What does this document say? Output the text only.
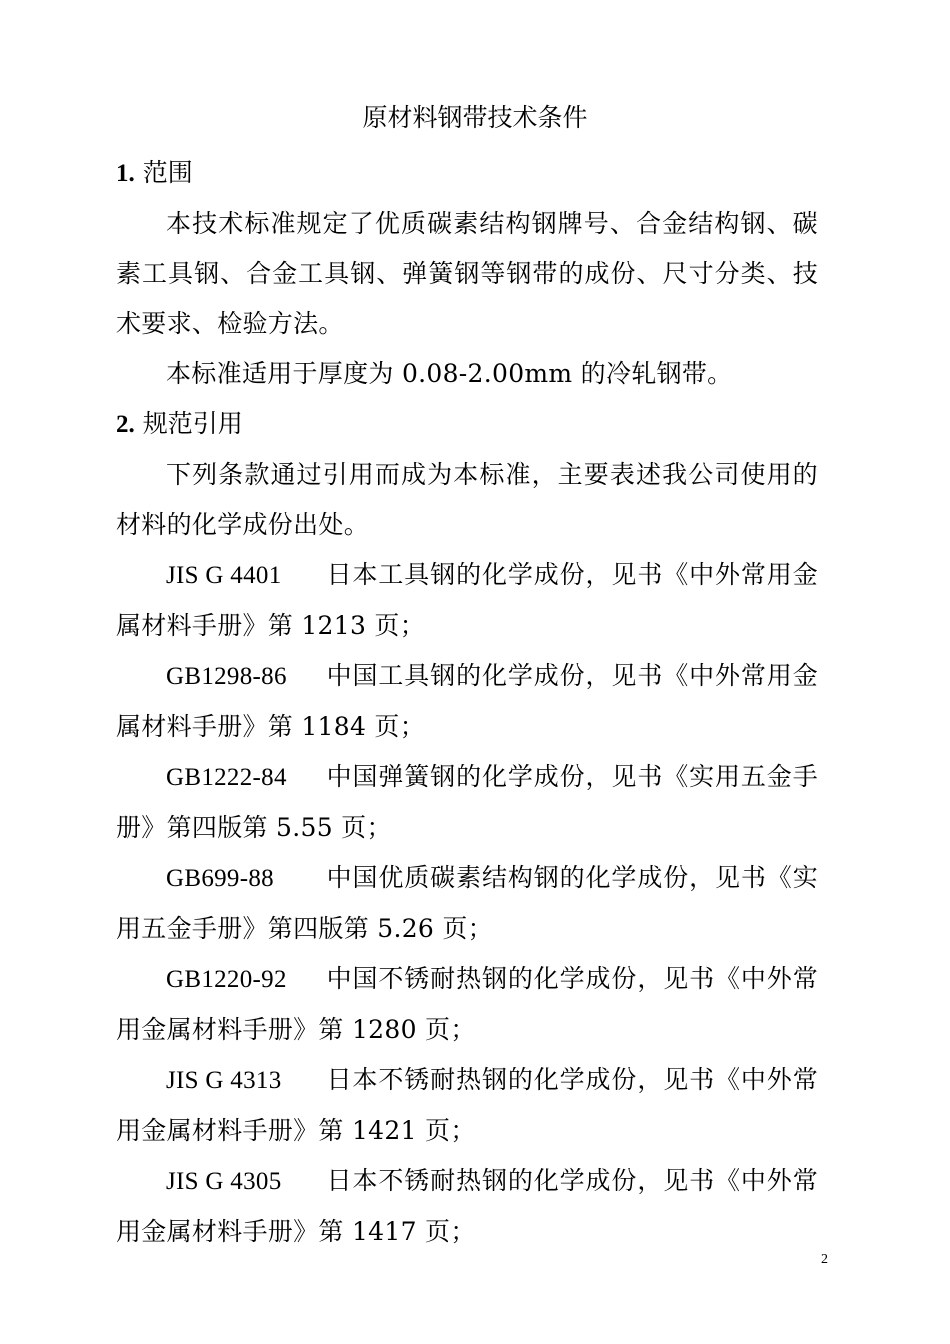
原材料钢带技术条件

1. 范围

本技术标准规定了优质碳素结构钢牌号、合金结构钢、碳素工具钢、合金工具钢、弹簧钢等钢带的成份、尺寸分类、技术要求、检验方法。

本标准适用于厚度为 0.08-2.00mm 的冷轧钢带。

2. 规范引用

下列条款通过引用而成为本标准，主要表述我公司使用的材料的化学成份出处。

JIS G 4401 日本工具钢的化学成份，见书《中外常用金属材料手册》第 1213 页；

GB1298-86 中国工具钢的化学成份，见书《中外常用金属材料手册》第 1184 页；

GB1222-84 中国弹簧钢的化学成份，见书《实用五金手册》第四版第 5.55 页；

GB699-88 中国优质碳素结构钢的化学成份，见书《实用五金手册》第四版第 5.26 页；

GB1220-92 中国不锈耐热钢的化学成份，见书《中外常用金属材料手册》第 1280 页；

JIS G 4313 日本不锈耐热钢的化学成份，见书《中外常用金属材料手册》第 1421 页；

JIS G 4305 日本不锈耐热钢的化学成份，见书《中外常用金属材料手册》第 1417 页；

2
